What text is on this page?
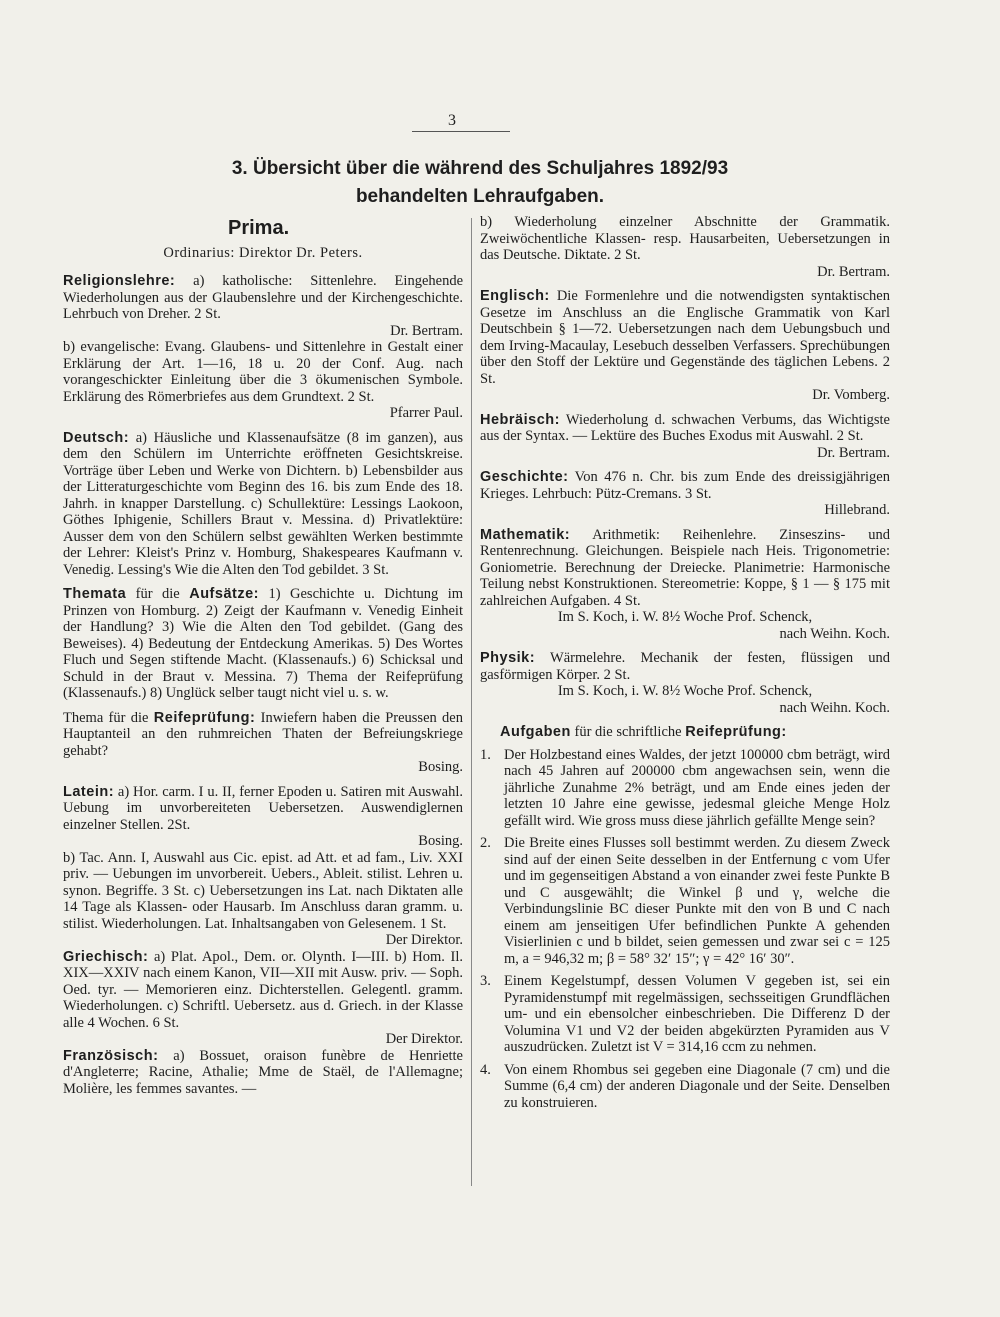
3
3. Übersicht über die während des Schuljahres 1892/93
behandelten Lehraufgaben.

Prima.

Ordinarius: Direktor Dr. Peters.

Religionslehre: a) katholische: Sittenlehre. Eingehende Wiederholungen aus der Glaubenslehre und der Kirchengeschichte. Lehrbuch von Dreher. 2 St.

Dr. Bertram.

b) evangelische: Evang. Glaubens- und Sittenlehre in Gestalt einer Erklärung der Art. 1—16, 18 u. 20 der Conf. Aug. nach vorangeschickter Einleitung über die 3 ökumenischen Symbole. Erklärung des Römerbriefes aus dem Grundtext. 2 St.

Pfarrer Paul.

Deutsch: a) Häusliche und Klassenaufsätze (8 im ganzen), aus dem den Schülern im Unterrichte eröffneten Gesichtskreise. Vorträge über Leben und Werke von Dichtern. b) Lebensbilder aus der Litteraturgeschichte vom Beginn des 16. bis zum Ende des 18. Jahrh. in knapper Darstellung. c) Schullektüre: Lessings Laokoon, Göthes Iphigenie, Schillers Braut v. Messina. d) Privatlektüre: Ausser dem von den Schülern selbst gewählten Werken bestimmte der Lehrer: Kleist's Prinz v. Homburg, Shakespeares Kaufmann v. Venedig. Lessing's Wie die Alten den Tod gebildet. 3 St.

Themata für die Aufsätze: 1) Geschichte u. Dichtung im Prinzen von Homburg. 2) Zeigt der Kaufmann v. Venedig Einheit der Handlung? 3) Wie die Alten den Tod gebildet. (Gang des Beweises). 4) Bedeutung der Entdeckung Amerikas. 5) Des Wortes Fluch und Segen stiftende Macht. (Klassenaufs.) 6) Schicksal und Schuld in der Braut v. Messina. 7) Thema der Reifeprüfung (Klassenaufs.) 8) Unglück selber taugt nicht viel u. s. w.

Thema für die Reifeprüfung: Inwiefern haben die Preussen den Hauptanteil an den ruhmreichen Thaten der Befreiungskriege gehabt?

Bosing.

Latein: a) Hor. carm. I u. II, ferner Epoden u. Satiren mit Auswahl. Uebung im unvorbereiteten Uebersetzen. Auswendiglernen einzelner Stellen. 2St.

Bosing.

b) Tac. Ann. I, Auswahl aus Cic. epist. ad Att. et ad fam., Liv. XXI priv. — Uebungen im unvorbereit. Uebers., Ableit. stilist. Lehren u. synon. Begriffe. 3 St. c) Uebersetzungen ins Lat. nach Diktaten alle 14 Tage als Klassen- oder Hausarb. Im Anschluss daran gramm. u. stilist. Wiederholungen. Lat. Inhaltsangaben von Gelesenem. 1 St.

Der Direktor.

Griechisch: a) Plat. Apol., Dem. or. Olynth. I—III. b) Hom. Il. XIX—XXIV nach einem Kanon, VII—XII mit Ausw. priv. — Soph. Oed. tyr. — Memorieren einz. Dichterstellen. Gelegentl. gramm. Wiederholungen. c) Schriftl. Uebersetz. aus d. Griech. in der Klasse alle 4 Wochen. 6 St.

Der Direktor.

Französisch: a) Bossuet, oraison funèbre de Henriette d'Angleterre; Racine, Athalie; Mme de Staël, de l'Allemagne; Molière, les femmes savantes. —

b) Wiederholung einzelner Abschnitte der Grammatik. Zweiwöchentliche Klassen- resp. Hausarbeiten, Uebersetzungen in das Deutsche. Diktate. 2 St.

Dr. Bertram.

Englisch: Die Formenlehre und die notwendigsten syntaktischen Gesetze im Anschluss an die Englische Grammatik von Karl Deutschbein § 1—72. Uebersetzungen nach dem Uebungsbuch und dem Irving-Macaulay, Lesebuch desselben Verfassers. Sprechübungen über den Stoff der Lektüre und Gegenstände des täglichen Lebens. 2 St.

Dr. Vomberg.

Hebräisch: Wiederholung d. schwachen Verbums, das Wichtigste aus der Syntax. — Lektüre des Buches Exodus mit Auswahl. 2 St.

Dr. Bertram.

Geschichte: Von 476 n. Chr. bis zum Ende des dreissigjährigen Krieges. Lehrbuch: Pütz-Cremans. 3 St.

Hillebrand.

Mathematik: Arithmetik: Reihenlehre. Zinseszins- und Rentenrechnung. Gleichungen. Beispiele nach Heis. Trigonometrie: Goniometrie. Berechnung der Dreiecke. Planimetrie: Harmonische Teilung nebst Konstruktionen. Stereometrie: Koppe, § 1 — § 175 mit zahlreichen Aufgaben. 4 St.

Im S. Koch, i. W. 8½ Woche Prof. Schenck,

nach Weihn. Koch.

Physik: Wärmelehre. Mechanik der festen, flüssigen und gasförmigen Körper. 2 St.

Im S. Koch, i. W. 8½ Woche Prof. Schenck,

nach Weihn. Koch.

Aufgaben für die schriftliche Reifeprüfung:

1. Der Holzbestand eines Waldes, der jetzt 100000 cbm beträgt, wird nach 45 Jahren auf 200000 cbm angewachsen sein, wenn die jährliche Zunahme 2% beträgt, und am Ende eines jeden der letzten 10 Jahre eine gewisse, jedesmal gleiche Menge Holz gefällt wird. Wie gross muss diese jährlich gefällte Menge sein?
2. Die Breite eines Flusses soll bestimmt werden. Zu diesem Zweck sind auf der einen Seite desselben in der Entfernung c vom Ufer und im gegenseitigen Abstand a von einander zwei feste Punkte B und C ausgewählt; die Winkel β und γ, welche die Verbindungslinie BC dieser Punkte mit den von B und C nach einem am jenseitigen Ufer befindlichen Punkte A gehenden Visierlinien c und b bildet, seien gemessen und zwar sei c = 125 m, a = 946,32 m; β = 58° 32′ 15″; γ = 42° 16′ 30″.
3. Einem Kegelstumpf, dessen Volumen V gegeben ist, sei ein Pyramidenstumpf mit regelmässigen, sechsseitigen Grundflächen um- und ein ebensolcher einbeschrieben. Die Differenz D der Volumina V1 und V2 der beiden abgekürzten Pyramiden aus V auszudrücken. Zuletzt ist V = 314,16 ccm zu nehmen.
4. Von einem Rhombus sei gegeben eine Diagonale (7 cm) und die Summe (6,4 cm) der anderen Diagonale und der Seite. Denselben zu konstruieren.
